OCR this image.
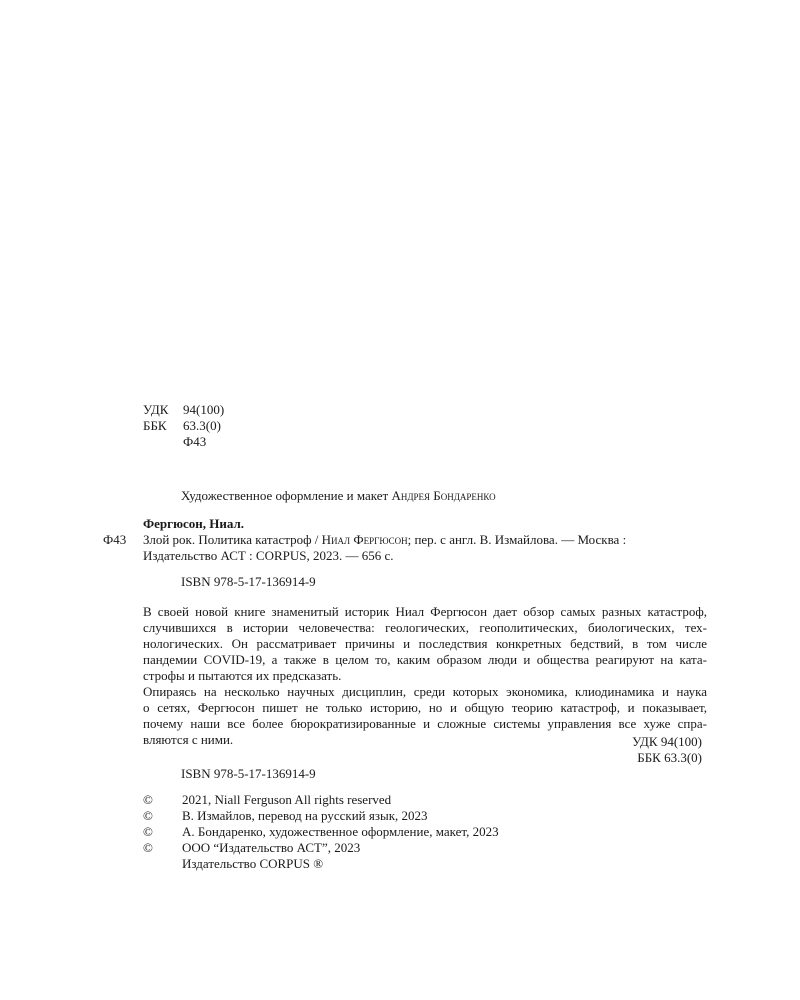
УДК 94(100)
ББК 63.3(0)
Ф43
Художественное оформление и макет Андрея Бондаренко
Фергюсон, Ниал.
Ф43 Злой рок. Политика катастроф / Ниал Фергюсон; пер. с англ. В. Измайлова. — Москва :
Издательство АСТ : CORPUS, 2023. — 656 с.
ISBN 978-5-17-136914-9
В своей новой книге знаменитый историк Ниал Фергюсон дает обзор самых разных катастроф,
случившихся в истории человечества: геологических, геополитических, биологических, тех-
нологических. Он рассматривает причины и последствия конкретных бедствий, в том числе
пандемии COVID-19, а также в целом то, каким образом люди и общества реагируют на ката-
строфы и пытаются их предсказать.
Опираясь на несколько научных дисциплин, среди которых экономика, клиодинамика и наука
о сетях, Фергюсон пишет не только историю, но и общую теорию катастроф, и показывает,
почему наши все более бюрократизированные и сложные системы управления все хуже спра-
вляются с ними.	УДК 94(100)
ББК 63.3(0)
ISBN 978-5-17-136914-9
© 2021, Niall Ferguson All rights reserved
© В. Измайлов, перевод на русский язык, 2023
© А. Бондаренко, художественное оформление, макет, 2023
© ООО “Издательство АСТ”, 2023
Издательство CORPUS ®
